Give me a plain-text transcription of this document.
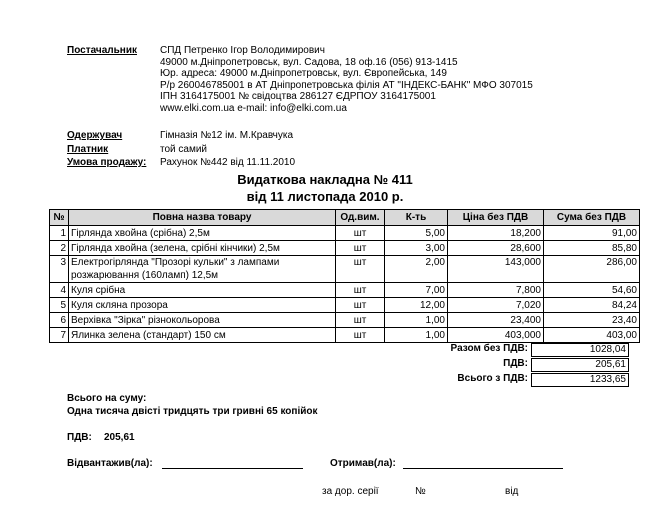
Постачальник СПД Петренко Ігор Володимирович
49000 м.Дніпропетровськ, вул. Садова, 18 оф.16 (056) 913-1415
Юр. адреса: 49000 м.Дніпропетровськ, вул. Європейська, 149
Р/р 260046785001 в АТ Дніпропетровська філія АТ "ІНДЕКС-БАНК" МФО 307015
ІПН 3164175001 № свідоцтва 286127 ЄДРПОУ 3164175001
www.elki.com.ua e-mail: info@elki.com.ua
Одержувач	Гімназія №12 ім. М.Кравчука
Платник	той самий
Умова продажу: Рахунок №442 від 11.11.2010
Видаткова накладна № 411
від 11 листопада 2010 р.
№	Повна назва товару	Од.вим.	К-ть	Ціна без ПДВ	Сума без ПДВ
1	Гірлянда хвойна (срібна) 2,5м	шт	5,00	18,200	91,00
2	Гірлянда хвойна (зелена, срібні кінчики) 2,5м	шт	3,00	28,600	85,80
3	Електрогірлянда "Прозорі кульки" з лампами
розжарювання (160ламп) 12,5м	шт	2,00	143,000	286,00
4	Куля срібна	шт	7,00	7,800	54,60
5	Куля скляна прозора	шт	12,00	7,020	84,24
6	Верхівка "Зірка" різнокольорова	шт	1,00	23,400	23,40
7	Ялинка зелена (стандарт) 150 см	шт	1,00	403,000	403,00
Разом без ПДВ:	1028,04
ПДВ:	205,61
Всього з ПДВ:	1233,65
Всього на суму:
Одна тисяча двісті тридцять три гривні 65 копійок
ПДВ: 205,61
Відвантажив(ла):	Отримав(ла):
за дор. серії	№	від
